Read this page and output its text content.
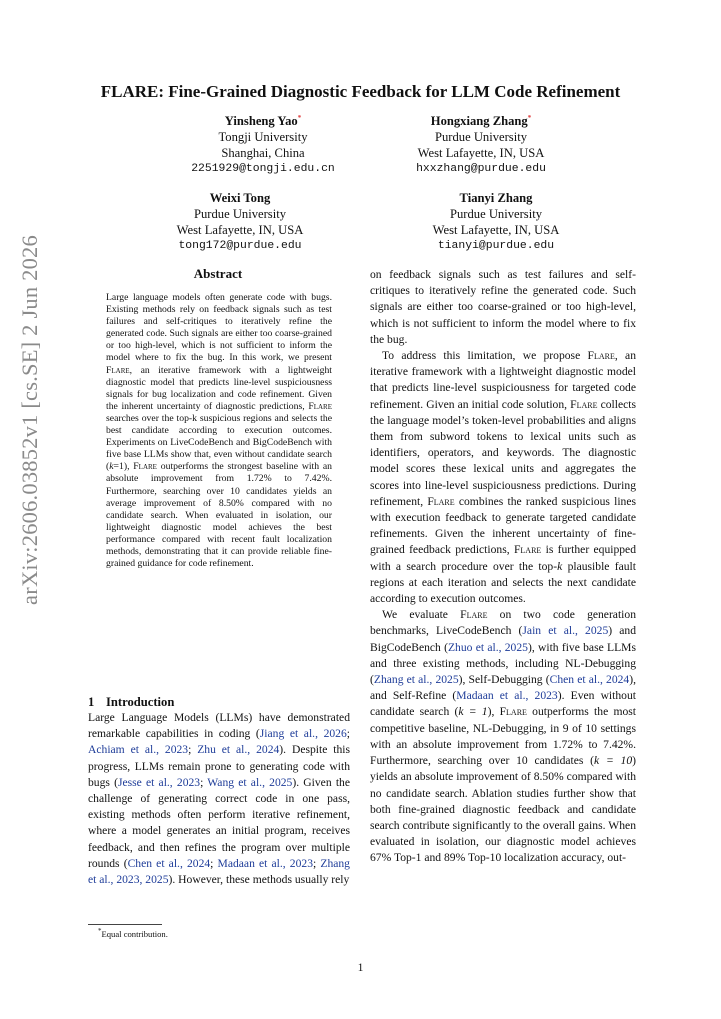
arXiv:2606.03852v1 [cs.SE] 2 Jun 2026
FLARE: Fine-Grained Diagnostic Feedback for LLM Code Refinement
Yinsheng Yao*
Tongji University
Shanghai, China
2251929@tongji.edu.cn
Hongxiang Zhang*
Purdue University
West Lafayette, IN, USA
hxxzhang@purdue.edu
Weixi Tong
Purdue University
West Lafayette, IN, USA
tong172@purdue.edu
Tianyi Zhang
Purdue University
West Lafayette, IN, USA
tianyi@purdue.edu
Abstract

Large language models often generate code with bugs. Existing methods rely on feedback signals such as test failures and self-critiques to iteratively refine the generated code. Such signals are either too coarse-grained or too high-level, which is not sufficient to inform the model where to fix the bug. In this work, we present Flare, an iterative framework with a lightweight diagnostic model that predicts line-level suspiciousness signals for bug localization and code refinement. Given the inherent uncertainty of diagnostic predictions, Flare searches over the top-k suspicious regions and selects the best candidate according to execution outcomes. Experiments on LiveCodeBench and BigCodeBench with five base LLMs show that, even without candidate search (k=1), Flare outperforms the strongest baseline with an absolute improvement from 1.72% to 7.42%. Furthermore, searching over 10 candidates yields an average improvement of 8.50% compared with no candidate search. When evaluated in isolation, our lightweight diagnostic model achieves the best performance compared with recent fault localization methods, demonstrating that it can provide reliable fine-grained guidance for code refinement.

1 Introduction

Large Language Models (LLMs) have demonstrated remarkable capabilities in coding (Jiang et al., 2026; Achiam et al., 2023; Zhu et al., 2024). Despite this progress, LLMs remain prone to generating code with bugs (Jesse et al., 2023; Wang et al., 2025). Given the challenge of generating correct code in one pass, existing methods often perform iterative refinement, where a model generates an initial program, receives feedback, and then refines the program over multiple rounds (Chen et al., 2024; Madaan et al., 2023; Zhang et al., 2023, 2025). However, these methods usually rely

*Equal contribution.

on feedback signals such as test failures and self-critiques to iteratively refine the generated code. Such signals are either too coarse-grained or too high-level, which is not sufficient to inform the model where to fix the bug.

To address this limitation, we propose Flare, an iterative framework with a lightweight diagnostic model that predicts line-level suspiciousness for targeted code refinement. Given an initial code solution, Flare collects the language model’s token-level probabilities and aligns them from subword tokens to lexical units such as identifiers, operators, and keywords. The diagnostic model scores these lexical units and aggregates the scores into line-level suspiciousness predictions. During refinement, Flare combines the ranked suspicious lines with execution feedback to generate targeted candidate refinements. Given the inherent uncertainty of fine-grained feedback predictions, Flare is further equipped with a search procedure over the top-k plausible fault regions at each iteration and selects the next candidate according to execution outcomes.

We evaluate Flare on two code generation benchmarks, LiveCodeBench (Jain et al., 2025) and BigCodeBench (Zhuo et al., 2025), with five base LLMs and three existing methods, including NL-Debugging (Zhang et al., 2025), Self-Debugging (Chen et al., 2024), and Self-Refine (Madaan et al., 2023). Even without candidate search (k = 1), Flare outperforms the most competitive baseline, NL-Debugging, in 9 of 10 settings with an absolute improvement from 1.72% to 7.42%. Furthermore, searching over 10 candidates (k = 10) yields an absolute improvement of 8.50% compared with no candidate search. Ablation studies further show that both fine-grained diagnostic feedback and candidate search contribute significantly to the overall gains. When evaluated in isolation, our diagnostic model achieves 67% Top-1 and 89% Top-10 localization accuracy, out-

1
